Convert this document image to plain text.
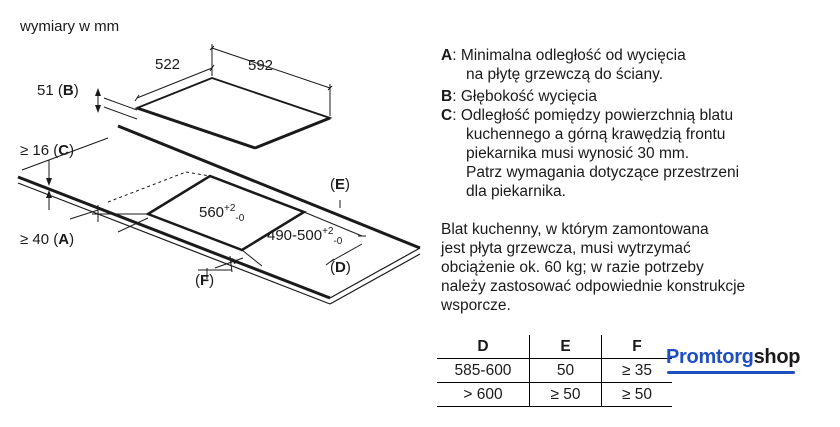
wymiary w mm
522	592
51 (B)
≥ 16 (C)
≥ 40 (A)
$560^{+2}_{-0}$
$490-500^{+2}_{-0}$
(E)
(D)
(F)
A: Minimalna odległość od wycięcia
na płytę grzewczą do ściany.
B: Głębokość wycięcia
C: Odległość pomiędzy powierzchnią blatu
kuchennego a górną krawędzią frontu
piekarnika musi wynosić 30 mm.
Patrz wymagania dotyczące przestrzeni
dla piekarnika.
Blat kuchenny, w którym zamontowana
jest płyta grzewcza, musi wytrzymać
obciążenie ok. 60 kg; w razie potrzeby
należy zastosować odpowiednie konstrukcje
wsporcze.
D	E	F
585-600	50	≥ 35
> 600	≥ 50	≥ 50
Promtorgshop
